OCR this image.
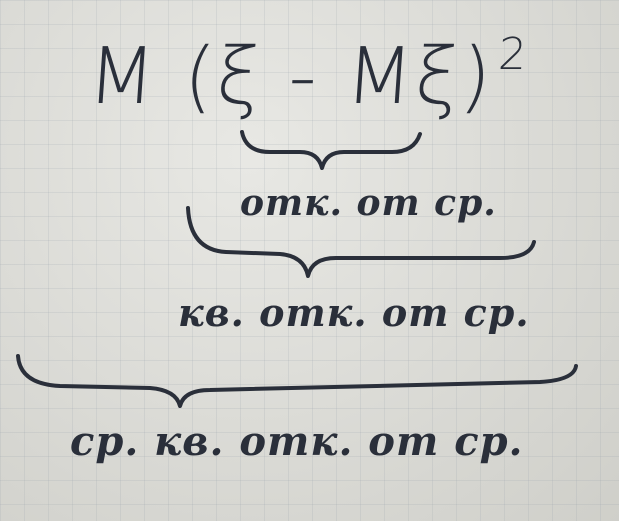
M (ξ - Mξ)$^2$
отк. от ср.
кв. отк. от ср.
ср. кв. отк. от ср.
